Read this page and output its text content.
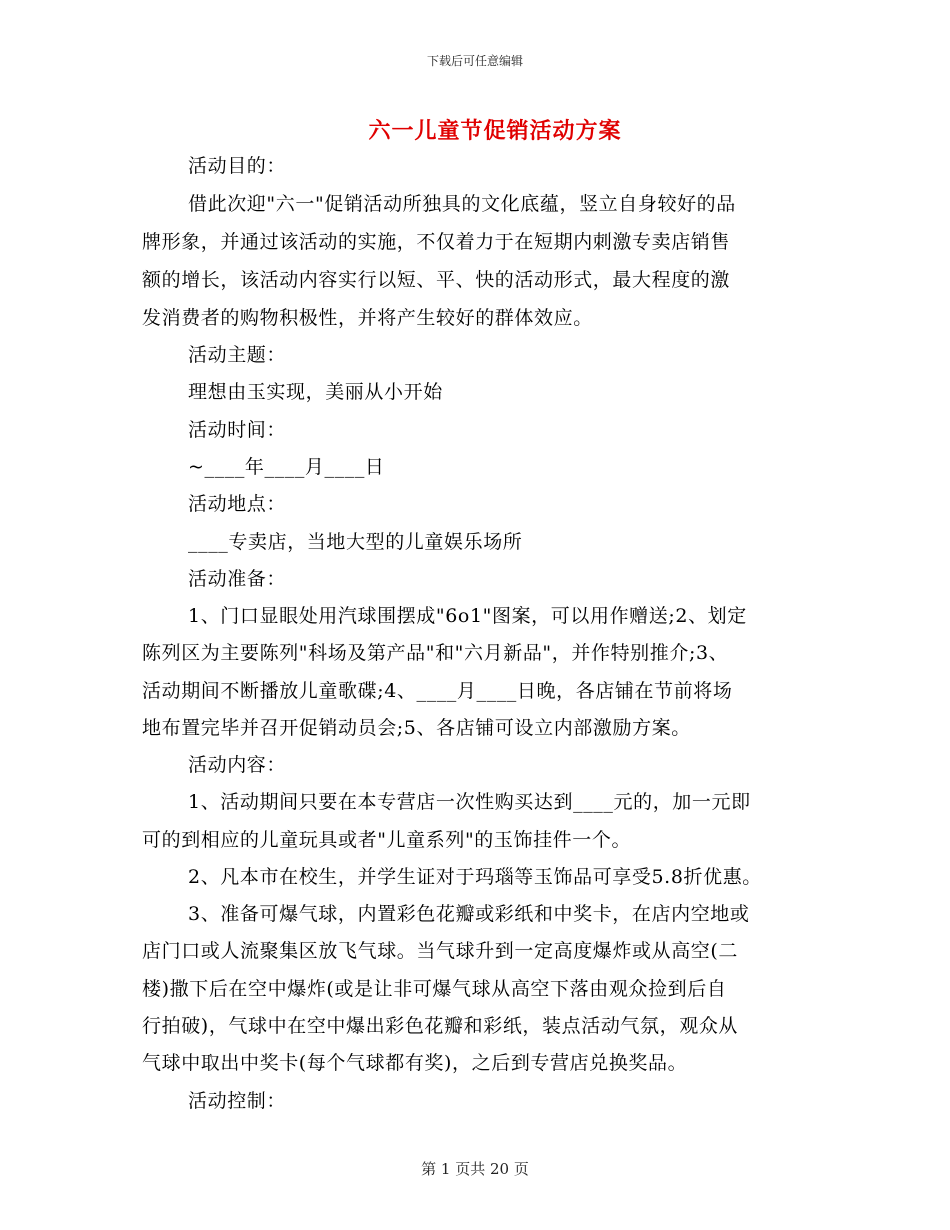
下载后可任意编辑
六一儿童节促销活动方案
活动目的：
借此次迎"六一"促销活动所独具的文化底蕴，竖立自身较好的品
牌形象，并通过该活动的实施，不仅着力于在短期内刺激专卖店销售
额的增长，该活动内容实行以短、平、快的活动形式，最大程度的激
发消费者的购物积极性，并将产生较好的群体效应。
活动主题：
理想由玉实现，美丽从小开始
活动时间：
~____年____月____日
活动地点：
____专卖店，当地大型的儿童娱乐场所
活动准备：
1、门口显眼处用汽球围摆成"6o1"图案，可以用作赠送;2、划定
陈列区为主要陈列"科场及第产品"和"六月新品"，并作特别推介;3、
活动期间不断播放儿童歌碟;4、____月____日晚，各店铺在节前将场
地布置完毕并召开促销动员会;5、各店铺可设立内部激励方案。
活动内容：
1、活动期间只要在本专营店一次性购买达到____元的，加一元即
可的到相应的儿童玩具或者"儿童系列"的玉饰挂件一个。
2、凡本市在校生，并学生证对于玛瑙等玉饰品可享受5.8折优惠。
3、准备可爆气球，内置彩色花瓣或彩纸和中奖卡，在店内空地或
店门口或人流聚集区放飞气球。当气球升到一定高度爆炸或从高空(二
楼)撒下后在空中爆炸(或是让非可爆气球从高空下落由观众捡到后自
行拍破)，气球中在空中爆出彩色花瓣和彩纸，装点活动气氛，观众从
气球中取出中奖卡(每个气球都有奖)，之后到专营店兑换奖品。
活动控制：
第 1 页共 20 页
